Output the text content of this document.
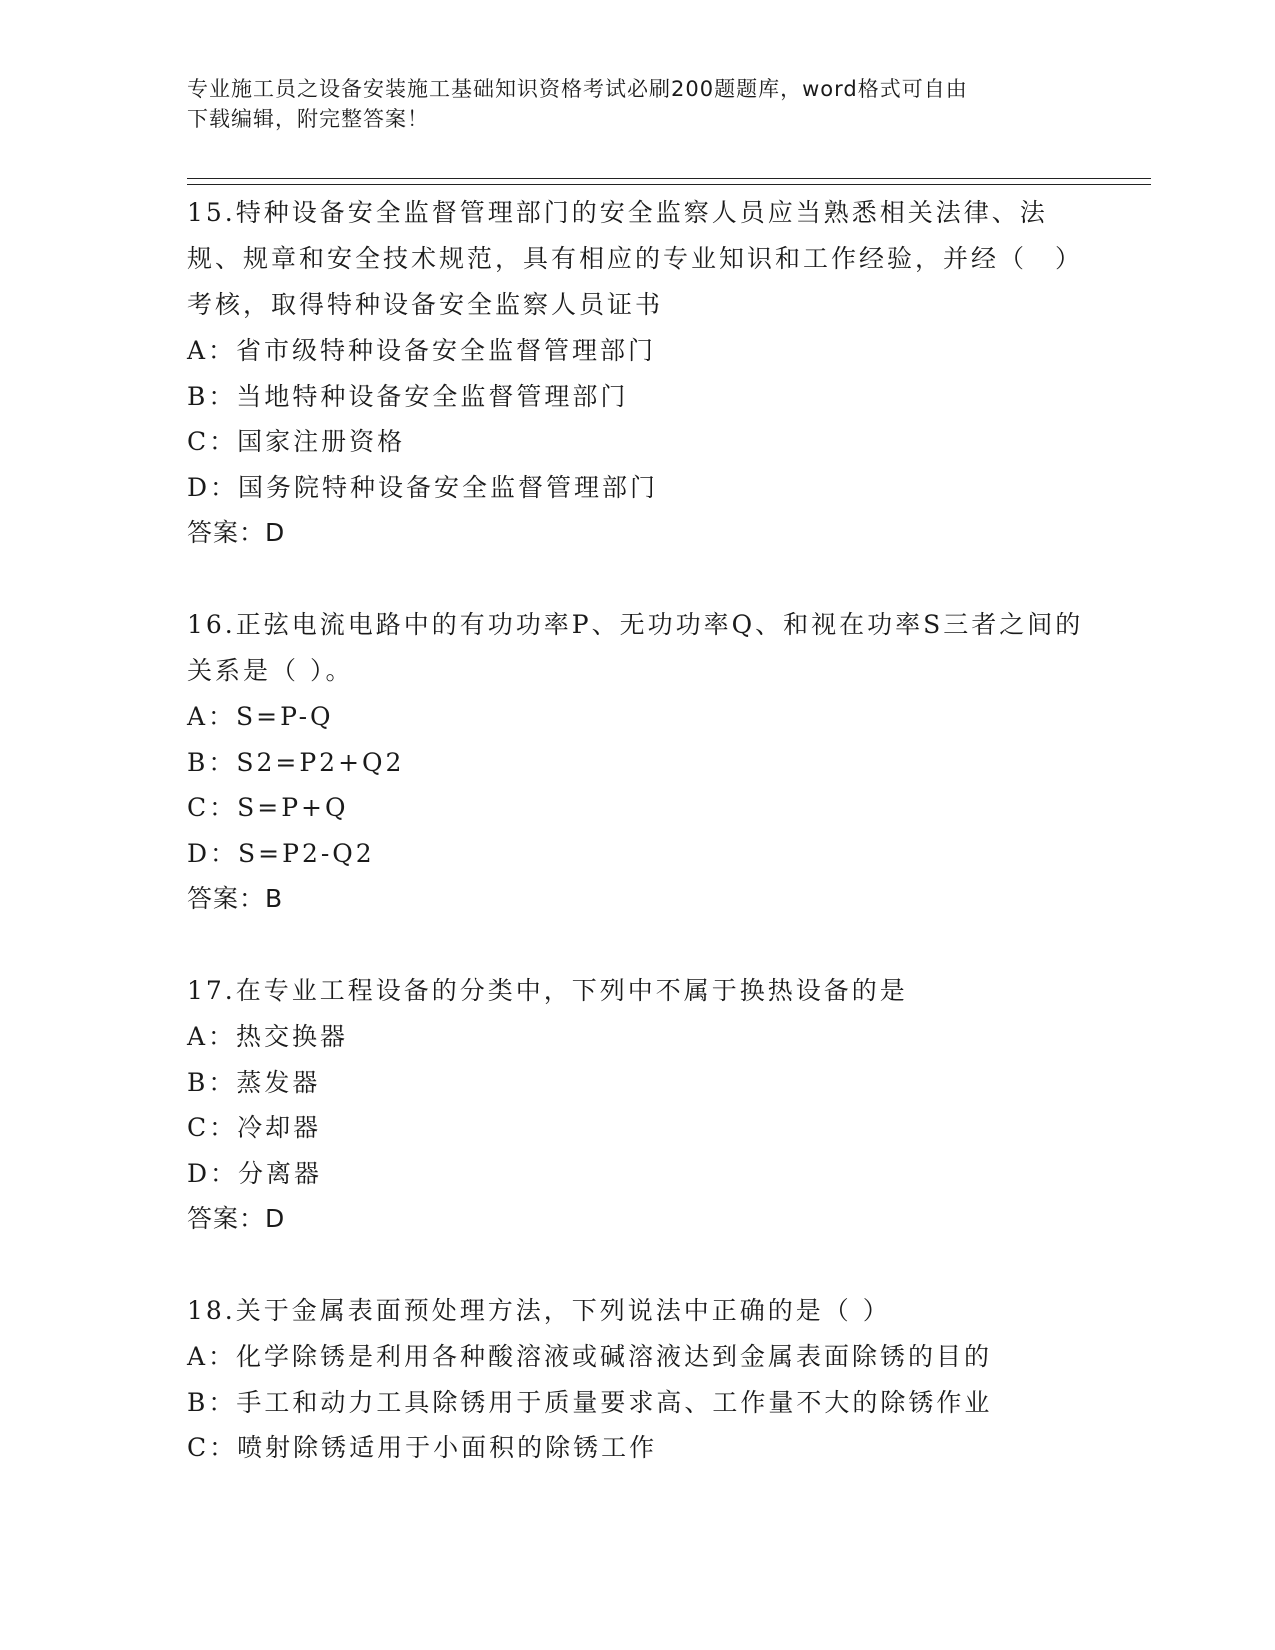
专业施工员之设备安装施工基础知识资格考试必刷200题题库，word格式可自由
下载编辑，附完整答案！
15.特种设备安全监督管理部门的安全监察人员应当熟悉相关法律、法规、规章和安全技术规范，具有相应的专业知识和工作经验，并经（　）考核，取得特种设备安全监察人员证书
A：省市级特种设备安全监督管理部门
B：当地特种设备安全监督管理部门
C：国家注册资格
D：国务院特种设备安全监督管理部门
答案：D
16.正弦电流电路中的有功功率P、无功功率Q、和视在功率S三者之间的关系是（ ）。
A：S=P-Q
B：S2=P2+Q2
C：S=P+Q
D：S=P2-Q2
答案：B
17.在专业工程设备的分类中，下列中不属于换热设备的是
A：热交换器
B：蒸发器
C：冷却器
D：分离器
答案：D
18.关于金属表面预处理方法，下列说法中正确的是（ ）
A：化学除锈是利用各种酸溶液或碱溶液达到金属表面除锈的目的
B：手工和动力工具除锈用于质量要求高、工作量不大的除锈作业
C：喷射除锈适用于小面积的除锈工作
